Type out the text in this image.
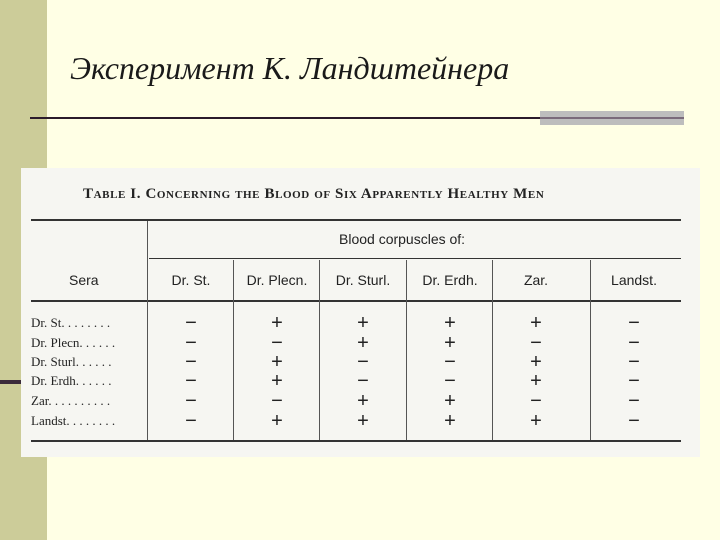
Эксперимент К. Ландштейнера
Table I. Concerning the Blood of Six Apparently Healthy Men
Blood corpuscles of:
Sera	Dr. St.	Dr. Plecn.	Dr. Sturl.	Dr. Erdh.	Zar.	Landst.
Dr. St. . . . . . . .	−	+	+	+	+	−
Dr. Plecn. . . . . .	−	−	+	+	−	−
Dr. Sturl. . . . . .	−	+	−	−	+	−
Dr. Erdh. . . . . .	−	+	−	−	+	−
Zar. . . . . . . . . .	−	−	+	+	−	−
Landst. . . . . . . .	−	+	+	+	+	−
